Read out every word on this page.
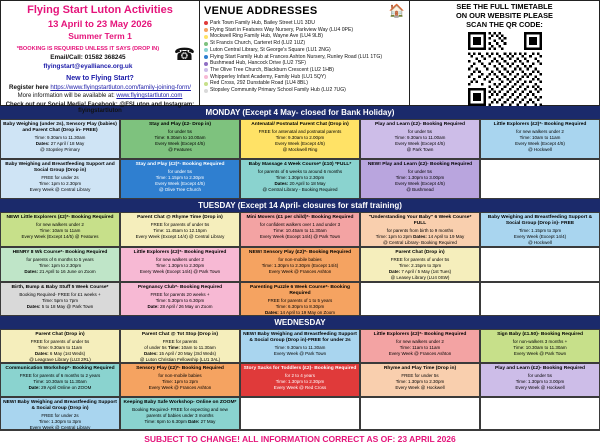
Flying Start Luton Activities
13 April to 23 May 2026
Summer Term 1
*BOOKING IS REQUIRED UNLESS IT SAYS (DROP IN)
Email/Call: 01582 368245
flyingstart@eyalliance.org.uk
☎
New to Flying Start?
Register here https://www.flyingstartluton.com/family-joining-form/
More information will be available at: www.flyingstartluton.com
Check out our Social Media! Facebook: @FSLuton and Instagram: flyingstartluton
VENUE ADDRESSES	🏠
Park Town Family Hub, Bailey Street LU1 3DU
Flying Start in Features Way Nursery, Parkview Way (LU4 0PE)
Mockwell Ring Family Hub, Wayne Ave (LU4 9LB)
St Francis Church, Carteret Rd (LU2 1UZ)
Luton Central Library, St George's Square (LU1 2NG)
Flying Start Family Hub at Frances Ashton Nursery, Runley Road (LU1 1TG)
Bushmead Hub, Hancock Drive (LU2 7SF)
The Olive Tree Church, Blackburn Crescent (LU2 1HB)
Whipperley Infant Academy, Family Hub (LU1 5QY)
Red Cross, 292 Dunstable Road (LU4 8BL)
Stopsley Community Primary School Family Hub (LU2 7UG)
SEE THE FULL TIMETABLE
ON OUR WEBSITE PLEASE
SCAN THE QR CODE:
MONDAY (Except 4 May- closed for Bank Holiday)
Baby Weighing (under 2s), Sensory Play (babies) and Parent Chat (Drop in- FREE)
Time: 9.30am to 11.30am
Dates: 27 April / 18 May
@ Stopsley Primary
Stay and Play (£2- Drop in)
for under 5s
Time: 9.30am to 10.00am
Every Week (Except 4/5)
@ Features
Antenatal/ Postnatal Parent Chat (Drop in)
FREE for antenatal and postnatal parents
Time: 9.30am to 2.00pm
Every Week (Except 4/5)
@ Mockwell Ring
Play and Learn (£2)- Booking Required
for under 5s
Time: 9.30am to 11.00am
Every Week (Except 4/5)
@ Park Town
Little Explorers (£2)*- Booking Required
for new walkers under 2
Time: 10am to 11am
Every Week (Except 4/5)
@ Hockwell
Baby Weighing and Breastfeeding Support and Social Group (Drop in)
FREE for under 2s
Time: 1pm to 2.30pm
Every Week @ Central Library
Stay and Play (£2)*- Booking Required
for under 5s
Time: 1.15pm to 2.30pm
Every Week (Except 4/5)
@ Olive Tree Church
Baby Massage 4 Week Course* (£10) *FULL*
for parents of 6 weeks to around 6 months
Time: 1.30pm to 2.30pm
Dates: 20 April to 18 May
@ Central Library - Booking Required
NEW! Play and Learn (£2)- Booking Required
for under 5s
Time: 1.30pm to 3.00pm
Every Week (Except 4/5)
@ Bushmead
TUESDAY (Except 14 April- closures for staff training)
NEW! Little Explorers (£2)*- Booking Required
for new walkers under 2
Time: 10am to 11am
Every Week (Except 14/5) @ Features
Parent Chat @ Rhyme Time (Drop in)
FREE for parents of under 5s
Time: 11.45am to 12.15pm
Every Week (Except 14/4) @ Central Library
Mini Movers (£1 per child)*- Booking Required
for confident walkers over 1 and under 3
Time: 10.45am to 11.30am
Every Week (Except 14/4) @ Park Town
"Understanding Your Baby" 6 Week Course* FULL
for parents from birth to 9 months
Time: 1pm to 2pm Dates: 14 April to 19 May
@ Central Library- Booking Required
Baby Weighing and Breastfeeding Support & Social Group (Drop in)- FREE
Time: 1.15pm to 3pm
Every Week (Except 14/4)
@ Hockwell
HENRY 8 Wk Course*- Booking Required
for parents of 6 months to 5 years
Time: 1pm to 2.30pm
Dates: 21 April to 16 June on Zoom
Little Explorers (£2)*- Booking Required
for new walkers under 2
Time: 1.30pm to 2.30pm
Every Week (Except 14/4) @ Park Town
NEW! Sensory Play (£2)*- Booking Required
for non-mobile babies
Time: 1.30pm to 2.30pm (Except 14/4)
Every Week @ Frances Ashton
Parent Chat (Drop in)
FREE for parents of under 5s
Time: 2.15pm to 3pm
Date: 7 April / 5 May (1st Tues)
@ Leasey Library (LU4 0SW)
Birth, Bump & Baby Stuff 5 Week Course*
Booking Required- FREE for £1 weeks +
Time: 5pm to 7pm
Dates: 5 to 18 May @ Park Town
Pregnancy Club*- Booking Required
FREE for parents 20 weeks +
Time: 5.30pm to 6.30pm
Date: 28 April / 26 May on Zoom
Parenting Puzzle 6 Week Course*- Booking Required
FREE for parents of 1 to 5 years
Time: 6.30pm to 8.30pm
Dates: 14 April to 19 May on Zoom
WEDNESDAY
Parent Chat (Drop in)
FREE for parents of under 5s
Time: 9.30am to 11am
Dates: 6 May (1st Weds)
@ Leagrave Library (LU3 2RL)
Parent Chat @ Tot Stop (Drop in)
FREE for parents
of under 5s Time: 10am to 11.30am
Dates: 15 April / 20 May (3rd Weds)
@ Luton Christian Fellowship (LU1 3AL)
NEW! Baby Weighing and Breastfeeding Support & Social Group (Drop in)-FREE for under 2s
Time: 9.30am to 11.30am
Every Week @ Park Town
Little Explorers (£2)*- Booking Required
for new walkers under 2
Time: 11am to 11am
Every Week @ Frances Ashton
Sign Baby (£1.50)- Booking Required
for non-walkers 3 months +
Time: 10.30am to 11.30am
Every Week @ Park Town
Communication Workshop*- Booking Required
FREE for parents of 6 months to 2 years
Time: 10.30am to 11.30am
Date: 29 April Online on ZOOM
Sensory Play (£2)*- Booking Required
for non-mobile babies
Time: 1pm to 2pm
Every Week @ Frances Ashton
Story Sacks for Toddlers (£2)- Booking Required
for 2 to 4 years
Time: 1.30pm to 2.30pm
Every Week @ Red Cross
Rhyme and Play Time (Drop in)
FREE for under 5s
Time: 1.30pm to 2.30pm
Every Week @ Hockwell
Play and Learn (£2)- Booking Required
for under 5s
Time: 1.30pm to 3.00pm
Every Week @ Hockwell
NEW! Baby Weighing and Breastfeeding Support & Social Group (Drop in)
FREE for under 2s
Time: 1.30pm to 3pm
Every Week @ Central Library
Keeping Baby Safe Workshop- Online on ZOOM*
Booking Required- FREE for expecting and new
parents of babies under 3 months
Time: 6pm to 6.30pm Date: 27 May
SUBJECT TO CHANGE! ALL INFORMATION CORRECT AS OF: 23 APRIL 2026
